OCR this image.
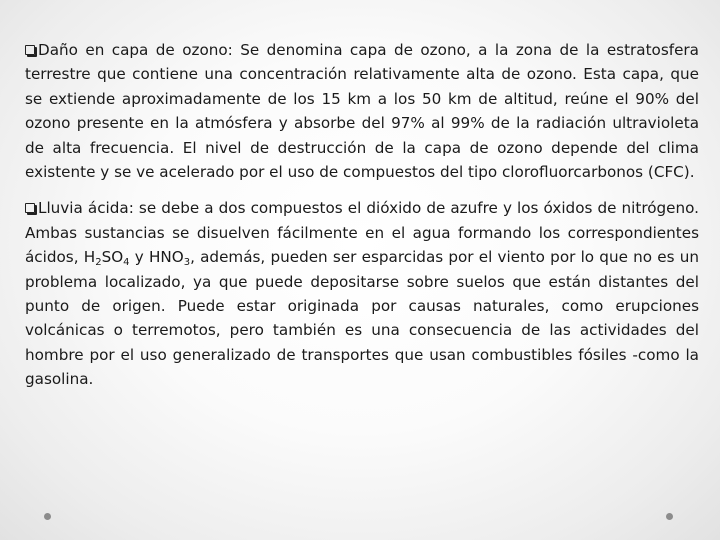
Daño en capa de ozono: Se denomina capa de ozono, a la zona de la estratosfera terrestre que contiene una concentración relativamente alta de ozono. Esta capa, que se extiende aproximadamente de los 15 km a los 50 km de altitud, reúne el 90% del ozono presente en la atmósfera y absorbe del 97% al 99% de la radiación ultravioleta de alta frecuencia. El nivel de destrucción de la capa de ozono depende del clima existente y se ve acelerado por el uso de compuestos del tipo clorofluorcarbonos (CFC).

Lluvia ácida: se debe a dos compuestos el dióxido de azufre y los óxidos de nitrógeno. Ambas sustancias se disuelven fácilmente en el agua formando los correspondientes ácidos, $H_2SO_4$ y $HNO_3$, además, pueden ser esparcidas por el viento por lo que no es un problema localizado, ya que puede depositarse sobre suelos que están distantes del punto de origen. Puede estar originada por causas naturales, como erupciones volcánicas o terremotos, pero también es una consecuencia de las actividades del hombre por el uso generalizado de transportes que usan combustibles fósiles -como la gasolina.
